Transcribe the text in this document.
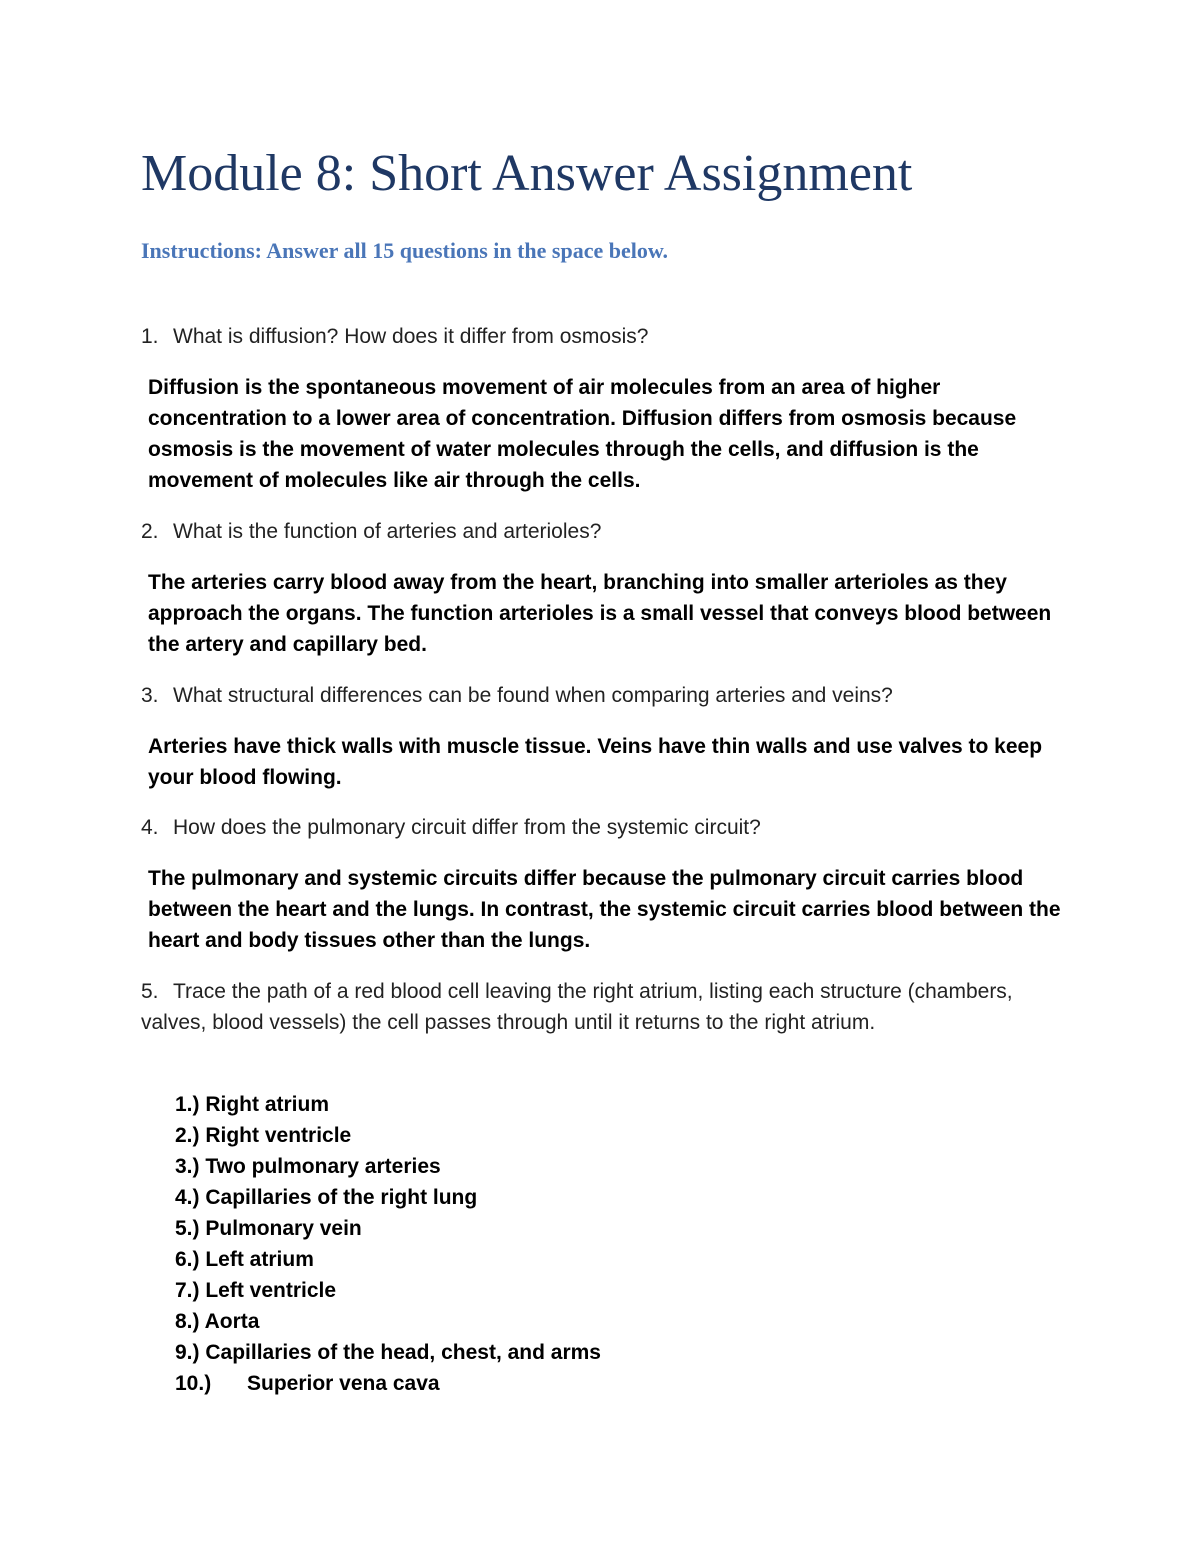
Module 8: Short Answer Assignment

Instructions: Answer all 15 questions in the space below.

1. What is diffusion? How does it differ from osmosis?

Diffusion is the spontaneous movement of air molecules from an area of higher concentration to a lower area of concentration. Diffusion differs from osmosis because osmosis is the movement of water molecules through the cells, and diffusion is the movement of molecules like air through the cells.

2. What is the function of arteries and arterioles?

The arteries carry blood away from the heart, branching into smaller arterioles as they approach the organs. The function arterioles is a small vessel that conveys blood between the artery and capillary bed.

3. What structural differences can be found when comparing arteries and veins?

Arteries have thick walls with muscle tissue. Veins have thin walls and use valves to keep your blood flowing.

4. How does the pulmonary circuit differ from the systemic circuit?

The pulmonary and systemic circuits differ because the pulmonary circuit carries blood between the heart and the lungs. In contrast, the systemic circuit carries blood between the heart and body tissues other than the lungs.

5. Trace the path of a red blood cell leaving the right atrium, listing each structure (chambers, valves, blood vessels) the cell passes through until it returns to the right atrium.

1.) Right atrium
2.) Right ventricle
3.) Two pulmonary arteries
4.) Capillaries of the right lung
5.) Pulmonary vein
6.) Left atrium
7.) Left ventricle
8.) Aorta
9.) Capillaries of the head, chest, and arms
10.) Superior vena cava
